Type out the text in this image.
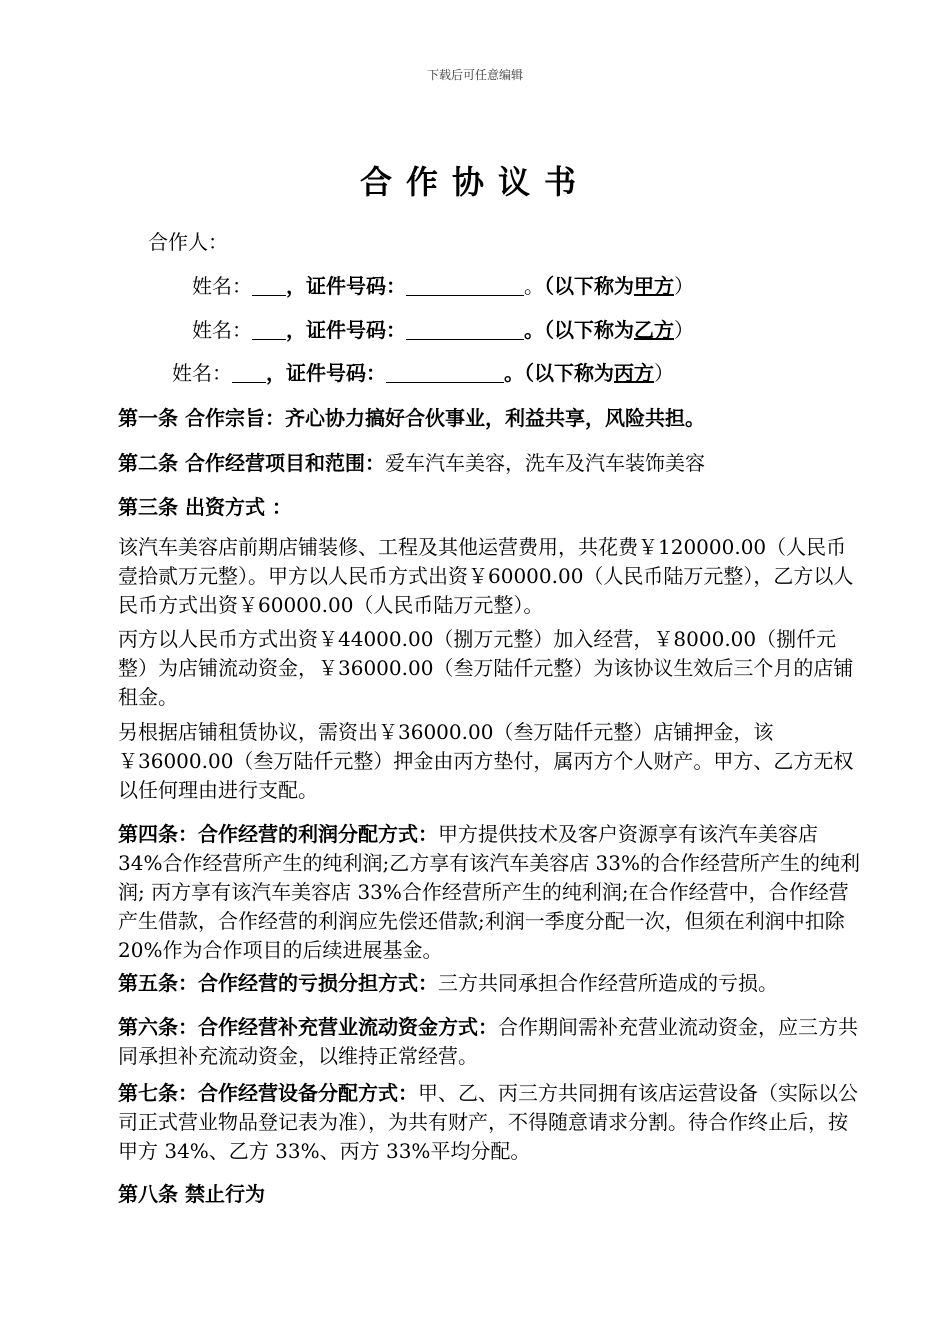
下载后可任意编辑
合作协议书
合作人：
姓名： ，证件号码：	。（以下称为甲方）
姓名： ，证件号码：	。（以下称为乙方）
姓名： ，证件号码：	。（以下称为丙方）
第一条 合作宗旨：齐心协力搞好合伙事业，利益共享，风险共担。
第二条 合作经营项目和范围：爱车汽车美容，洗车及汽车装饰美容
第三条 出资方式 ：

该汽车美容店前期店铺装修、工程及其他运营费用，共花费￥120000.00（人民币壹拾贰万元整）。甲方以人民币方式出资￥60000.00（人民币陆万元整），乙方以人民币方式出资￥60000.00（人民币陆万元整）。

丙方以人民币方式出资￥44000.00（捌万元整）加入经营，￥8000.00（捌仟元整）为店铺流动资金，￥36000.00（叁万陆仟元整）为该协议生效后三个月的店铺租金。

另根据店铺租赁协议，需资出￥36000.00（叁万陆仟元整）店铺押金，该￥36000.00（叁万陆仟元整）押金由丙方垫付，属丙方个人财产。甲方、乙方无权以任何理由进行支配。

第四条：合作经营的利润分配方式：甲方提供技术及客户资源享有该汽车美容店 34%合作经营所产生的纯利润;乙方享有该汽车美容店 33%的合作经营所产生的纯利润; 丙方享有该汽车美容店 33%合作经营所产生的纯利润;在合作经营中，合作经营产生借款，合作经营的利润应先偿还借款;利润一季度分配一次，但须在利润中扣除 20%作为合作项目的后续进展基金。

第五条：合作经营的亏损分担方式：三方共同承担合作经营所造成的亏损。

第六条：合作经营补充营业流动资金方式：合作期间需补充营业流动资金，应三方共同承担补充流动资金，以维持正常经营。

第七条：合作经营设备分配方式：甲、乙、丙三方共同拥有该店运营设备（实际以公司正式营业物品登记表为准），为共有财产，不得随意请求分割。待合作终止后，按甲方 34%、乙方 33%、丙方 33%平均分配。

第八条 禁止行为
